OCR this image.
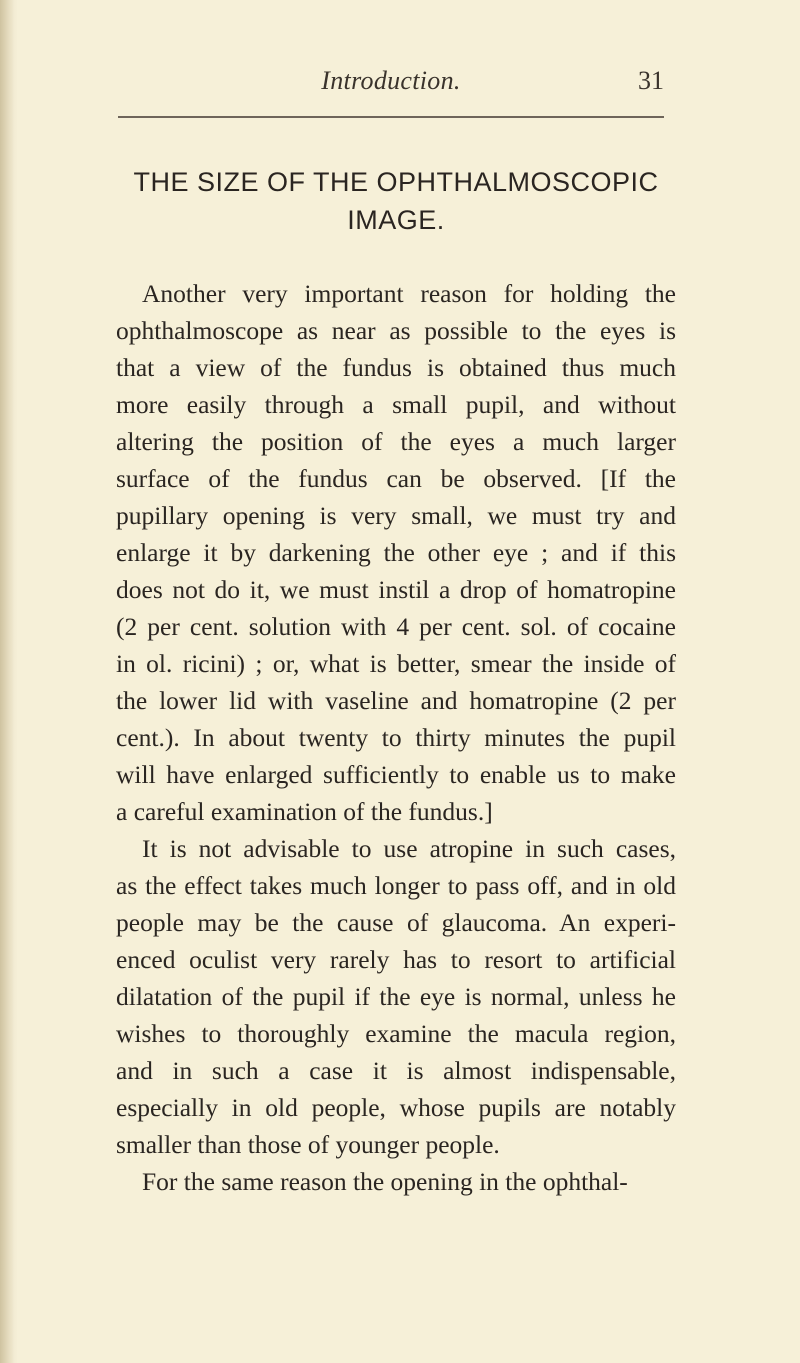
Introduction.	31
THE SIZE OF THE OPHTHALMOSCOPIC
IMAGE.
Another very important reason for holding the
ophthalmoscope as near as possible to the eyes is
that a view of the fundus is obtained thus much
more easily through a small pupil, and without
altering the position of the eyes a much larger
surface of the fundus can be observed. [If the
pupillary opening is very small, we must try and
enlarge it by darkening the other eye ; and if this
does not do it, we must instil a drop of homatropine
(2 per cent. solution with 4 per cent. sol. of cocaine
in ol. ricini) ; or, what is better, smear the inside of
the lower lid with vaseline and homatropine (2 per
cent.). In about twenty to thirty minutes the pupil
will have enlarged sufficiently to enable us to make
a careful examination of the fundus.]
It is not advisable to use atropine in such cases,
as the effect takes much longer to pass off, and in old
people may be the cause of glaucoma. An experi-
enced oculist very rarely has to resort to artificial
dilatation of the pupil if the eye is normal, unless he
wishes to thoroughly examine the macula region,
and in such a case it is almost indispensable,
especially in old people, whose pupils are notably
smaller than those of younger people.
For the same reason the opening in the ophthal-
